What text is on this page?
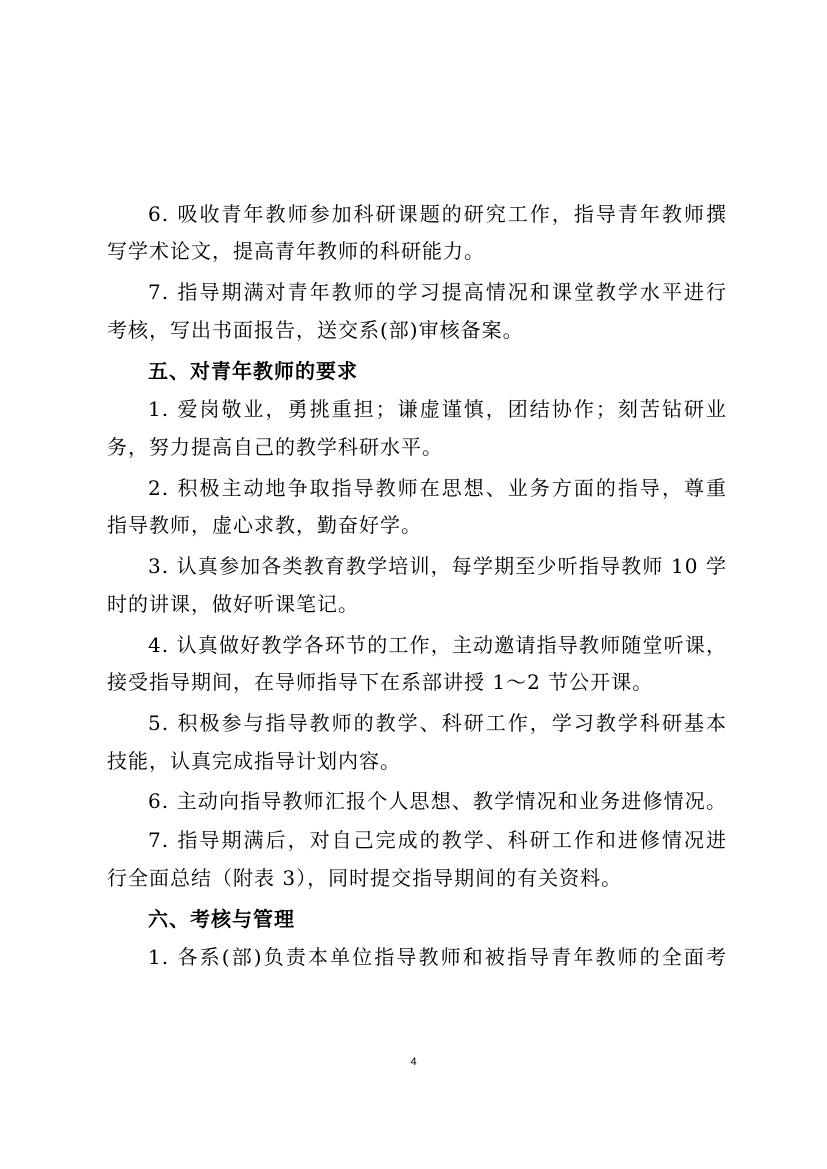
6. 吸收青年教师参加科研课题的研究工作，指导青年教师撰
写学术论文，提高青年教师的科研能力。
7. 指导期满对青年教师的学习提高情况和课堂教学水平进行
考核，写出书面报告，送交系(部)审核备案。
五、对青年教师的要求
1. 爱岗敬业，勇挑重担；谦虚谨慎，团结协作；刻苦钻研业
务，努力提高自己的教学科研水平。
2. 积极主动地争取指导教师在思想、业务方面的指导，尊重
指导教师，虚心求教，勤奋好学。
3. 认真参加各类教育教学培训，每学期至少听指导教师 10 学
时的讲课，做好听课笔记。
4. 认真做好教学各环节的工作，主动邀请指导教师随堂听课，
接受指导期间，在导师指导下在系部讲授 1～2 节公开课。
5. 积极参与指导教师的教学、科研工作，学习教学科研基本
技能，认真完成指导计划内容。
6. 主动向指导教师汇报个人思想、教学情况和业务进修情况。
7. 指导期满后，对自己完成的教学、科研工作和进修情况进
行全面总结（附表 3），同时提交指导期间的有关资料。
六、考核与管理
1. 各系(部)负责本单位指导教师和被指导青年教师的全面考
4
